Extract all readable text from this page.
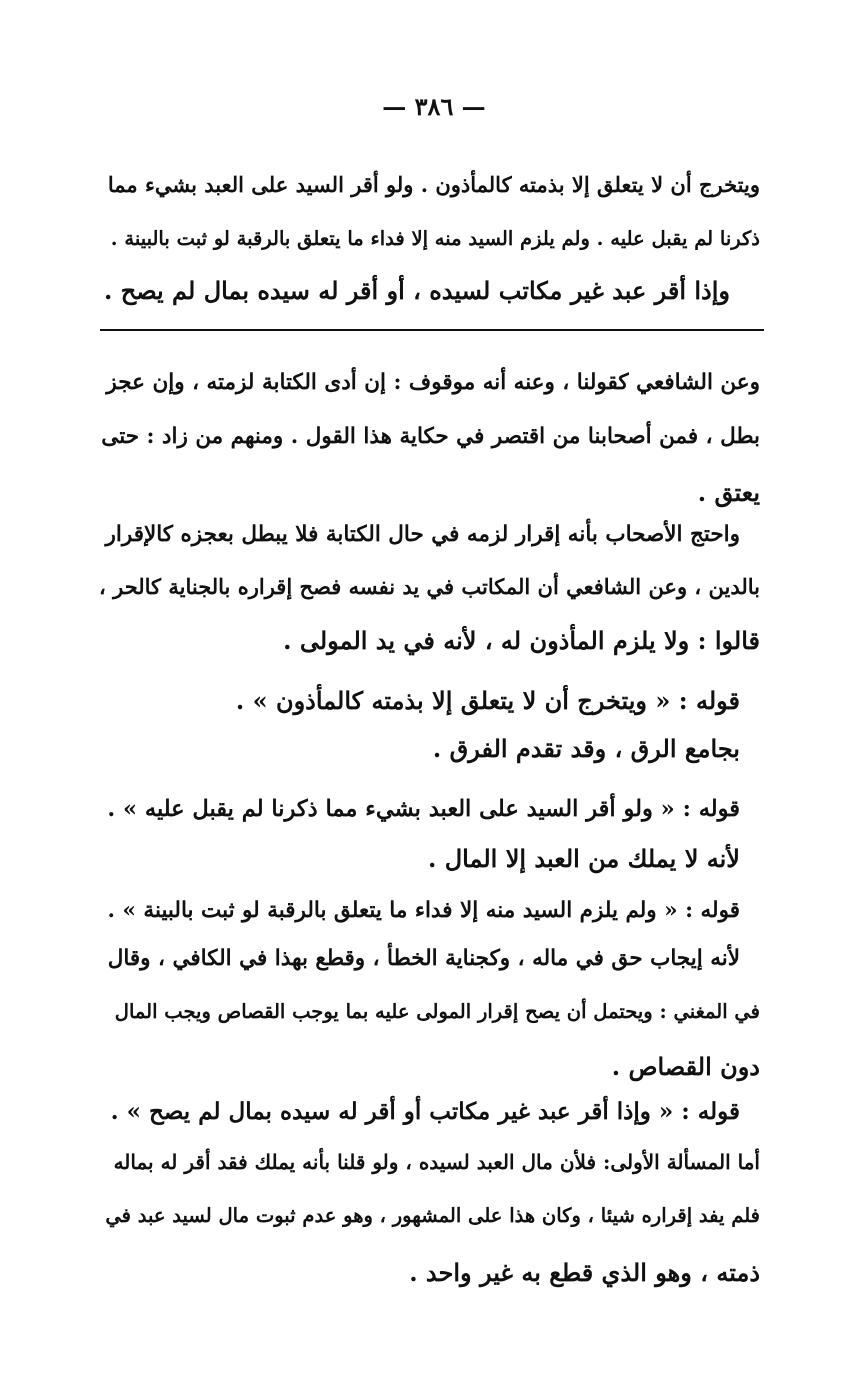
— ٣٨٦ —
ويتخرج أن لا يتعلق إلا بذمته كالمأذون . ولو أقر السيد على العبد بشيء مما
ذكرنا لم يقبل عليه . ولم يلزم السيد منه إلا فداء ما يتعلق بالرقبة لو ثبت بالبينة .
وإذا أقر عبد غير مكاتب لسيده ، أو أقر له سيده بمال لم يصح .
وعن الشافعي كقولنا ، وعنه أنه موقوف : إن أدى الكتابة لزمته ، وإن عجز
بطل ، فمن أصحابنا من اقتصر في حكاية هذا القول . ومنهم من زاد : حتى
يعتق .
واحتج الأصحاب بأنه إقرار لزمه في حال الكتابة فلا يبطل بعجزه كالإقرار
بالدين ، وعن الشافعي أن المكاتب في يد نفسه فصح إقراره بالجناية كالحر ،
قالوا : ولا يلزم المأذون له ، لأنه في يد المولى .
قوله : « ويتخرج أن لا يتعلق إلا بذمته كالمأذون » .
بجامع الرق ، وقد تقدم الفرق .
قوله : « ولو أقر السيد على العبد بشيء مما ذكرنا لم يقبل عليه » .
لأنه لا يملك من العبد إلا المال .
قوله : « ولم يلزم السيد منه إلا فداء ما يتعلق بالرقبة لو ثبت بالبينة » .
لأنه إيجاب حق في ماله ، وكجناية الخطأ ، وقطع بهذا في الكافي ، وقال
في المغني : ويحتمل أن يصح إقرار المولى عليه بما يوجب القصاص ويجب المال
دون القصاص .
قوله : « وإذا أقر عبد غير مكاتب أو أقر له سيده بمال لم يصح » .
أما المسألة الأولى: فلأن مال العبد لسيده ، ولو قلنا بأنه يملك فقد أقر له بماله
فلم يفد إقراره شيئا ، وكان هذا على المشهور ، وهو عدم ثبوت مال لسيد عبد في
ذمته ، وهو الذي قطع به غير واحد .
